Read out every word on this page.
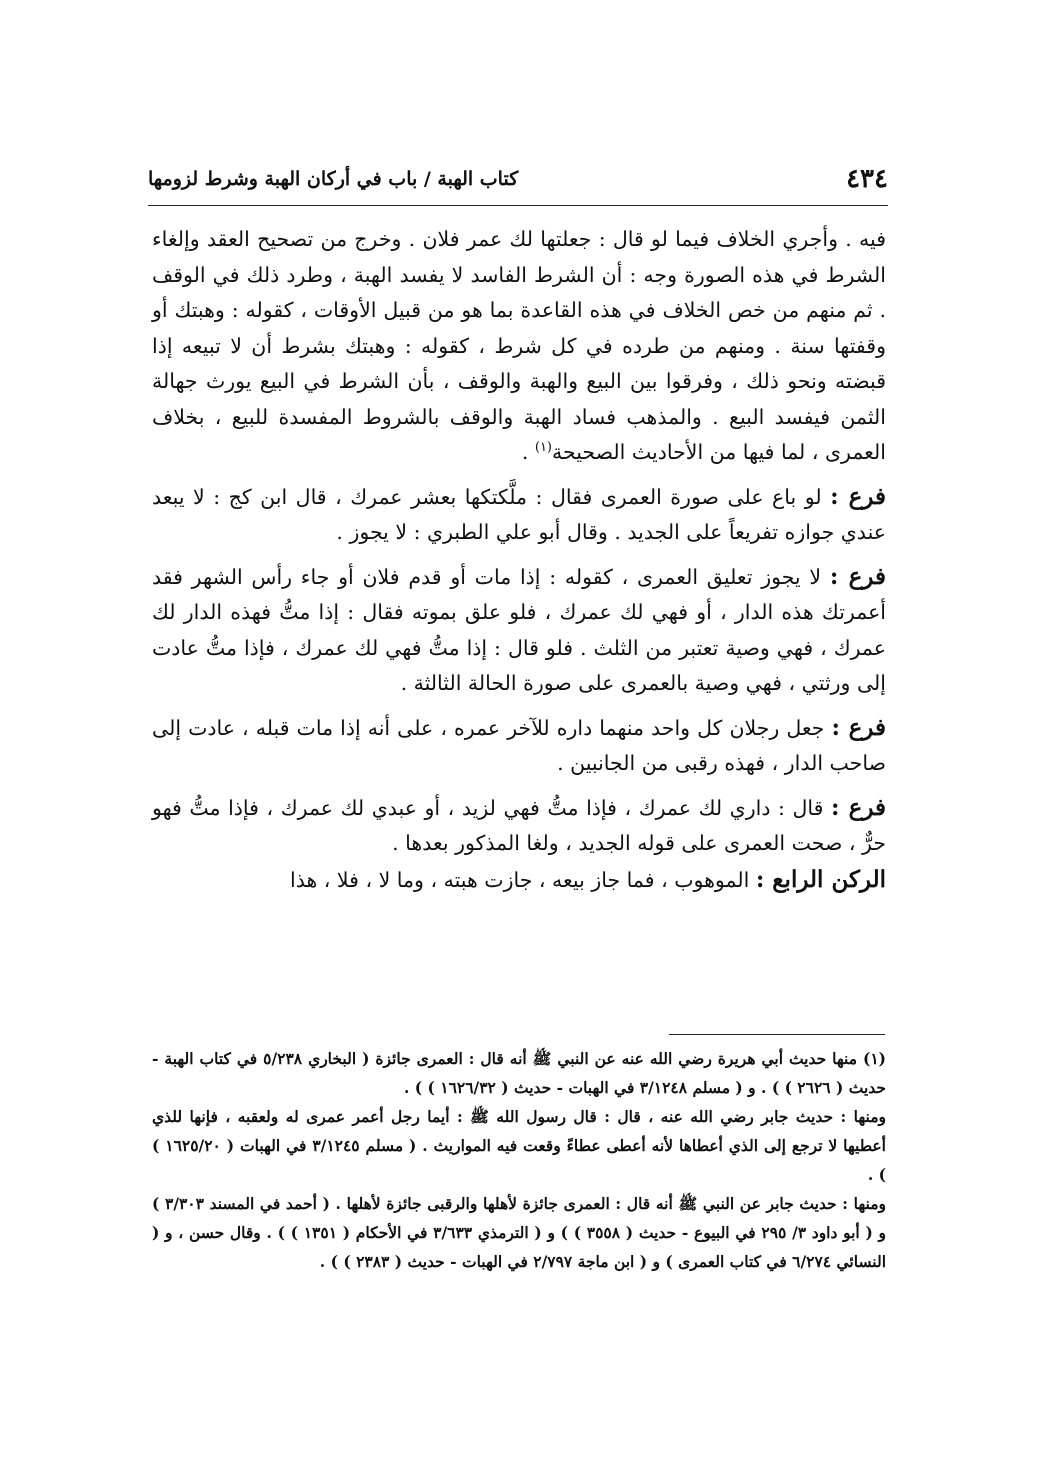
٤٣٤
كتاب الهبة / باب في أركان الهبة وشرط لزومها

فيه . وأجري الخلاف فيما لو قال : جعلتها لك عمر فلان . وخرج من تصحيح العقد وإلغاء الشرط في هذه الصورة وجه : أن الشرط الفاسد لا يفسد الهبة ، وطرد ذلك في الوقف . ثم منهم من خص الخلاف في هذه القاعدة بما هو من قبيل الأوقات ، كقوله : وهبتك أو وقفتها سنة . ومنهم من طرده في كل شرط ، كقوله : وهبتك بشرط أن لا تبيعه إذا قبضته ونحو ذلك ، وفرقوا بين البيع والهبة والوقف ، بأن الشرط في البيع يورث جهالة الثمن فيفسد البيع . والمذهب فساد الهبة والوقف بالشروط المفسدة للبيع ، بخلاف العمرى ، لما فيها من الأحاديث الصحيحة$^{(١)}$ .

فرع : لو باع على صورة العمرى فقال : ملَّكتكها بعشر عمرك ، قال ابن كج : لا يبعد عندي جوازه تفريعاً على الجديد . وقال أبو علي الطبري : لا يجوز .

فرع : لا يجوز تعليق العمرى ، كقوله : إذا مات أو قدم فلان أو جاء رأس الشهر فقد أعمرتك هذه الدار ، أو فهي لك عمرك ، فلو علق بموته فقال : إذا متُّ فهذه الدار لك عمرك ، فهي وصية تعتبر من الثلث . فلو قال : إذا متُّ فهي لك عمرك ، فإذا متُّ عادت إلى ورثتي ، فهي وصية بالعمرى على صورة الحالة الثالثة .

فرع : جعل رجلان كل واحد منهما داره للآخر عمره ، على أنه إذا مات قبله ، عادت إلى صاحب الدار ، فهذه رقبى من الجانبين .

فرع : قال : داري لك عمرك ، فإذا متُّ فهي لزيد ، أو عبدي لك عمرك ، فإذا متُّ فهو حرٌّ ، صحت العمرى على قوله الجديد ، ولغا المذكور بعدها .

الركن الرابع : الموهوب ، فما جاز بيعه ، جازت هبته ، وما لا ، فلا ، هذا

(١) منها حديث أبي هريرة رضي الله عنه عن النبي ﷺ أنه قال : العمرى جائزة ( البخاري ٥/٢٣٨ في كتاب الهبة - حديث ( ٢٦٢٦ ) ) . و ( مسلم ٣/١٢٤٨ في الهبات - حديث ( ١٦٢٦/٣٢ ) ) .

ومنها : حديث جابر رضي الله عنه ، قال : قال رسول الله ﷺ : أيما رجل أعمر عمرى له ولعقبه ، فإنها للذي أعطيها لا ترجع إلى الذي أعطاها لأنه أعطى عطاءً وقعت فيه المواريث . ( مسلم ٣/١٢٤٥ في الهبات ( ١٦٢٥/٢٠ ) ) .

ومنها : حديث جابر عن النبي ﷺ أنه قال : العمرى جائزة لأهلها والرقبى جائزة لأهلها . ( أحمد في المسند ٣/٣٠٣ ) و ( أبو داود ٣/ ٢٩٥ في البيوع - حديث ( ٣٥٥٨ ) ) و ( الترمذي ٣/٦٣٣ في الأحكام ( ١٣٥١ ) ) . وقال حسن ، و ( النسائي ٦/٢٧٤ في كتاب العمرى ) و ( ابن ماجة ٢/٧٩٧ في الهبات - حديث ( ٢٣٨٣ ) ) .
